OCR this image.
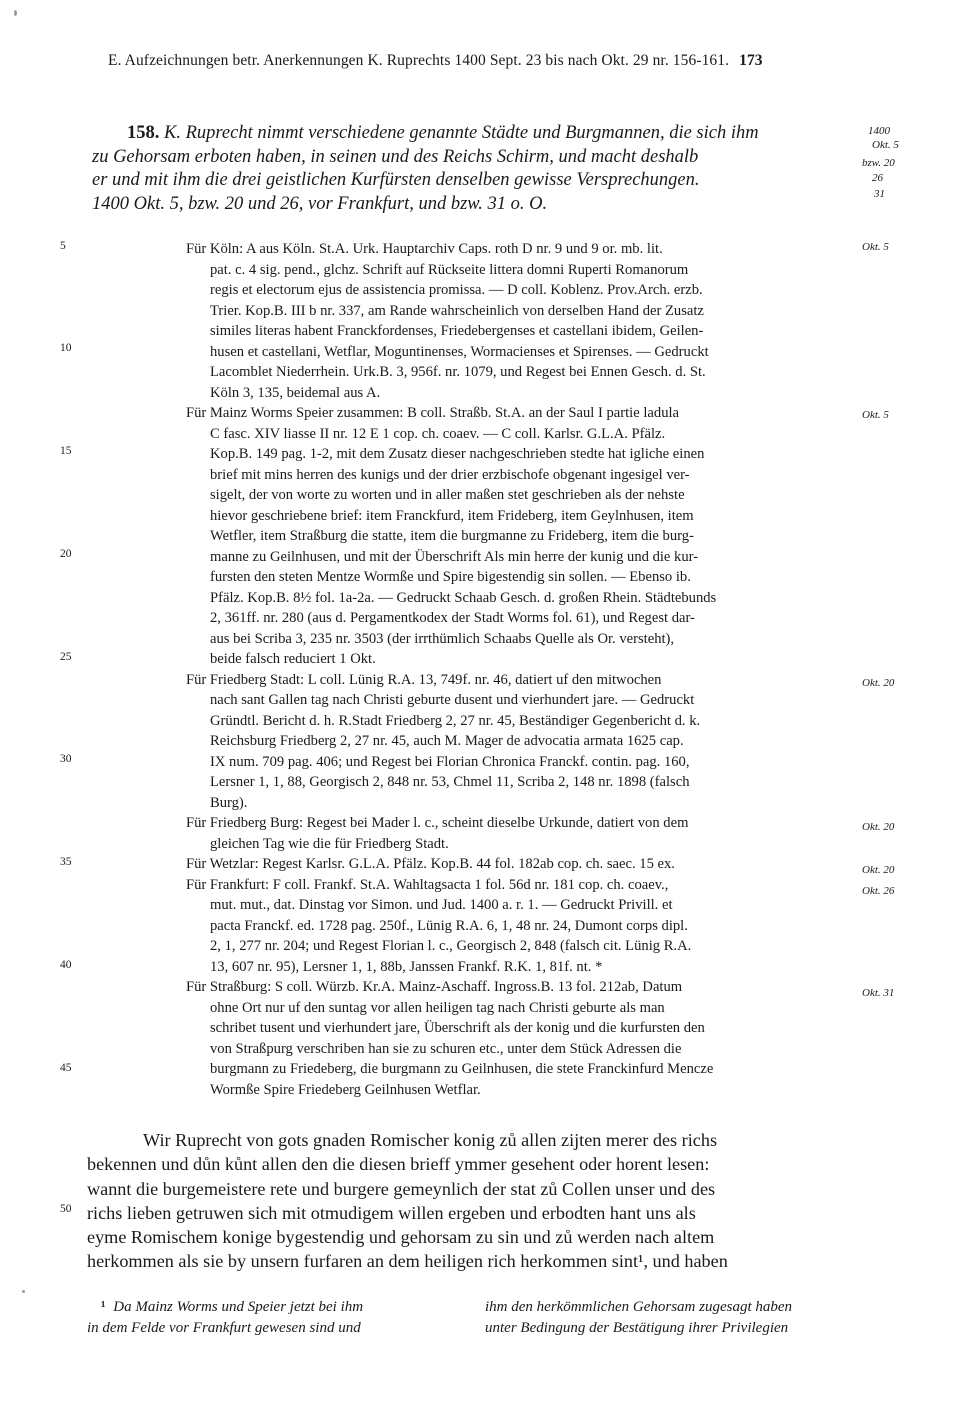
E. Aufzeichnungen betr. Anerkennungen K. Ruprechts 1400 Sept. 23 bis nach Okt. 29 nr. 156-161. 173
158. K. Ruprecht nimmt verschiedene genannte Städte und Burgmannen, die sich ihm
zu Gehorsam erboten haben, in seinen und des Reichs Schirm, und macht deshalb
er und mit ihm die drei geistlichen Kurfürsten denselben gewisse Versprechungen.
1400 Okt. 5, bzw. 20 und 26, vor Frankfurt, und bzw. 31 o. O.
1400
Okt. 5
bzw. 20
26
31
Für Köln: A aus Köln. St.A. Urk. Hauptarchiv Caps. roth D nr. 9 und 9 or. mb. lit.
pat. c. 4 sig. pend., glchz. Schrift auf Rückseite littera domni Ruperti Romanorum
regis et electorum ejus de assistencia promissa. — D coll. Koblenz. Prov.Arch. erzb.
Trier. Kop.B. III b nr. 337, am Rande wahrscheinlich von derselben Hand der Zusatz
similes literas habent Franckfordenses, Friedebergenses et castellani ibidem, Geilen-
husen et castellani, Wetflar, Moguntinenses, Wormacienses et Spirenses. — Gedruckt
Lacomblet Niederrhein. Urk.B. 3, 956f. nr. 1079, und Regest bei Ennen Gesch. d. St.
Köln 3, 135, beidemal aus A.
Für Mainz Worms Speier zusammen: B coll. Straßb. St.A. an der Saul I partie ladula
C fasc. XIV liasse II nr. 12 E 1 cop. ch. coaev. — C coll. Karlsr. G.L.A. Pfälz.
Kop.B. 149 pag. 1-2, mit dem Zusatz dieser nachgeschrieben stedte hat igliche einen
brief mit mins herren des kunigs und der drier erzbischofe obgenant ingesigel ver-
sigelt, der von worte zu worten und in aller maßen stet geschrieben als der nehste
hievor geschriebene brief: item Franckfurd, item Frideberg, item Geylnhusen, item
Wetfler, item Straßburg die statte, item die burgmanne zu Frideberg, item die burg-
manne zu Geilnhusen, und mit der Überschrift Als min herre der kunig und die kur-
fursten den steten Mentze Wormße und Spire bigestendig sin sollen. — Ebenso ib.
Pfälz. Kop.B. 8½ fol. 1a-2a. — Gedruckt Schaab Gesch. d. großen Rhein. Städtebunds
2, 361ff. nr. 280 (aus d. Pergamentkodex der Stadt Worms fol. 61), und Regest dar-
aus bei Scriba 3, 235 nr. 3503 (der irrthümlich Schaabs Quelle als Or. versteht),
beide falsch reduciert 1 Okt.
Für Friedberg Stadt: L coll. Lünig R.A. 13, 749f. nr. 46, datiert uf den mitwochen
nach sant Gallen tag nach Christi geburte dusent und vierhundert jare. — Gedruckt
Gründtl. Bericht d. h. R.Stadt Friedberg 2, 27 nr. 45, Beständiger Gegenbericht d. k.
Reichsburg Friedberg 2, 27 nr. 45, auch M. Mager de advocatia armata 1625 cap.
IX num. 709 pag. 406; und Regest bei Florian Chronica Franckf. contin. pag. 160,
Lersner 1, 1, 88, Georgisch 2, 848 nr. 53, Chmel 11, Scriba 2, 148 nr. 1898 (falsch
Burg).
Für Friedberg Burg: Regest bei Mader l. c., scheint dieselbe Urkunde, datiert von dem
gleichen Tag wie die für Friedberg Stadt.
Für Wetzlar: Regest Karlsr. G.L.A. Pfälz. Kop.B. 44 fol. 182ab cop. ch. saec. 15 ex.
Für Frankfurt: F coll. Frankf. St.A. Wahltagsacta 1 fol. 56d nr. 181 cop. ch. coaev.,
mut. mut., dat. Dinstag vor Simon. und Jud. 1400 a. r. 1. — Gedruckt Privill. et
pacta Franckf. ed. 1728 pag. 250f., Lünig R.A. 6, 1, 48 nr. 24, Dumont corps dipl.
2, 1, 277 nr. 204; und Regest Florian l. c., Georgisch 2, 848 (falsch cit. Lünig R.A.
13, 607 nr. 95), Lersner 1, 1, 88b, Janssen Frankf. R.K. 1, 81f. nt. *
Für Straßburg: S coll. Würzb. Kr.A. Mainz-Aschaff. Ingross.B. 13 fol. 212ab, Datum
ohne Ort nur uf den suntag vor allen heiligen tag nach Christi geburte als man
schribet tusent und vierhundert jare, Überschrift als der konig und die kurfursten den
von Straßpurg verschriben han sie zu schuren etc., unter dem Stück Adressen die
burgmann zu Friedeberg, die burgmann zu Geilnhusen, die stete Franckinfurd Mencze
Wormße Spire Friedeberg Geilnhusen Wetflar.
5
10
15
20
25
30
35
40
45
50
Okt. 5
Okt. 5
Okt. 20
Okt. 20
Okt. 20
Okt. 26
Okt. 31
Wir Ruprecht von gots gnaden Romischer konig zů allen zijten merer des richs
bekennen und důn kůnt allen den die diesen brieff ymmer gesehent oder horent lesen:
wannt die burgemeistere rete und burgere gemeynlich der stat zů Collen unser und des
richs lieben getruwen sich mit otmudigem willen ergeben und erbodten hant uns als
eyme Romischem konige bygestendig und gehorsam zu sin und zů werden nach altem
herkommen als sie by unsern furfaren an dem heiligen rich herkommen sint¹, und haben
¹ Da Mainz Worms und Speier jetzt bei ihm
in dem Felde vor Frankfurt gewesen sind und
ihm den herkömmlichen Gehorsam zugesagt haben
unter Bedingung der Bestätigung ihrer Privilegien
